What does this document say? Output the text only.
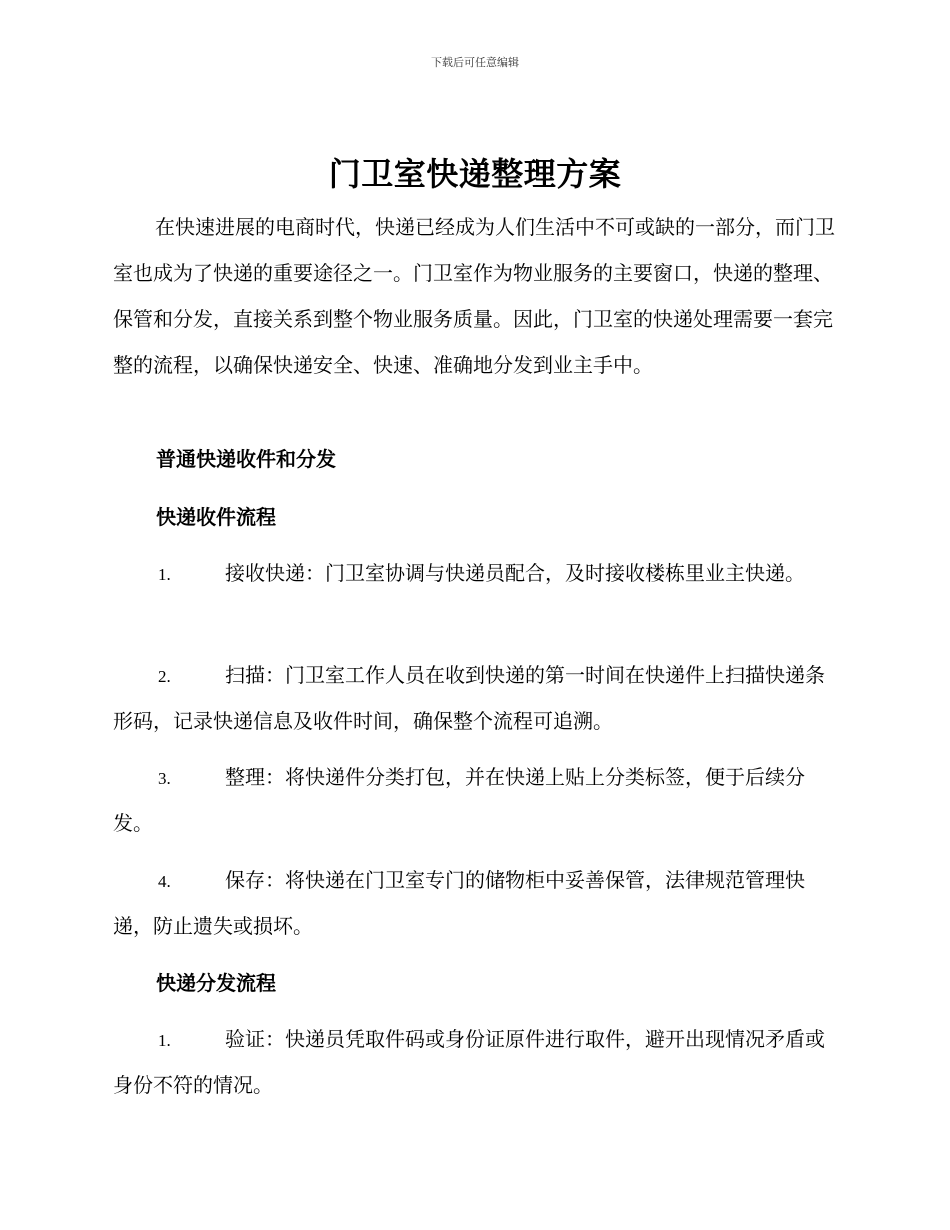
下载后可任意编辑
门卫室快递整理方案

在快速进展的电商时代，快递已经成为人们生活中不可或缺的一部分，而门卫室也成为了快递的重要途径之一。门卫室作为物业服务的主要窗口，快递的整理、保管和分发，直接关系到整个物业服务质量。因此，门卫室的快递处理需要一套完整的流程，以确保快递安全、快速、准确地分发到业主手中。

普通快递收件和分发

快递收件流程

1.	接收快递：门卫室协调与快递员配合，及时接收楼栋里业主快递。

2.	扫描：门卫室工作人员在收到快递的第一时间在快递件上扫描快递条形码，记录快递信息及收件时间，确保整个流程可追溯。

3.	整理：将快递件分类打包，并在快递上贴上分类标签，便于后续分发。

4.	保存：将快递在门卫室专门的储物柜中妥善保管，法律规范管理快递，防止遗失或损坏。

快递分发流程

1.	验证：快递员凭取件码或身份证原件进行取件，避开出现情况矛盾或身份不符的情况。
